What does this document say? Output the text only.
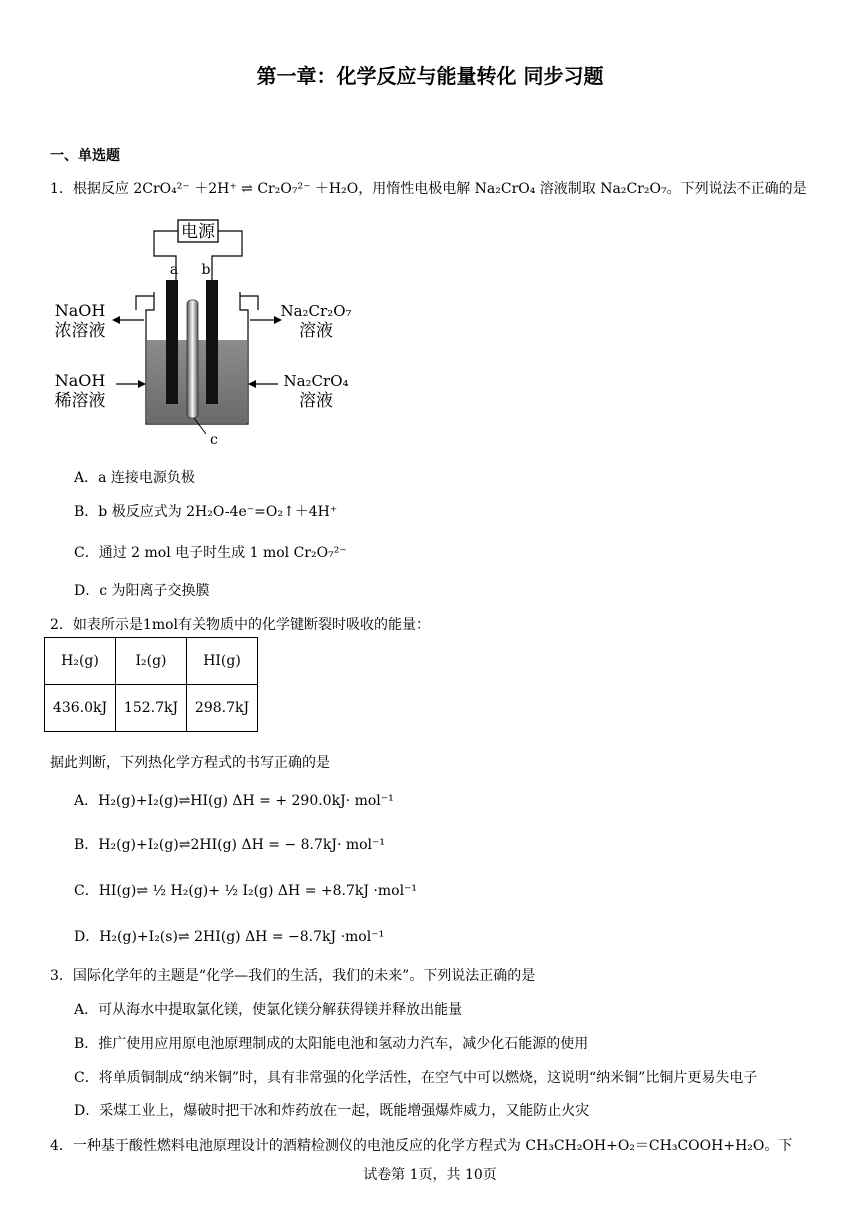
第一章：化学反应与能量转化 同步习题
一、单选题
1．根据反应 2CrO₄²⁻ ＋2H⁺ ⇌ Cr₂O₇²⁻ ＋H₂O，用惰性电极电解 Na₂CrO₄ 溶液制取 Na₂Cr₂O₇。下列说法不正确的是
电源
a b
c
NaOH
浓溶液
NaOH
稀溶液
Na₂Cr₂O₇
溶液
Na₂CrO₄
溶液
A．a 连接电源负极
B．b 极反应式为 2H₂O-4e⁻=O₂↑＋4H⁺
C．通过 2 mol 电子时生成 1 mol Cr₂O₇²⁻
D．c 为阳离子交换膜
2．如表所示是1mol有关物质中的化学键断裂时吸收的能量：
H₂(g)	I₂(g)	HI(g)
436.0kJ	152.7kJ	298.7kJ
据此判断，下列热化学方程式的书写正确的是
A．H₂(g)+I₂(g)⇌HI(g) ΔH = + 290.0kJ· mol⁻¹
B．H₂(g)+I₂(g)⇌2HI(g) ΔH = − 8.7kJ· mol⁻¹
C．HI(g)⇌ ½ H₂(g)+ ½ I₂(g) ΔH = +8.7kJ ·mol⁻¹
D．H₂(g)+I₂(s)⇌ 2HI(g) ΔH = −8.7kJ ·mol⁻¹
3．国际化学年的主题是“化学—我们的生活，我们的未来”。下列说法正确的是
A．可从海水中提取氯化镁，使氯化镁分解获得镁并释放出能量
B．推广使用应用原电池原理制成的太阳能电池和氢动力汽车，减少化石能源的使用
C．将单质铜制成“纳米铜”时，具有非常强的化学活性，在空气中可以燃烧，这说明“纳米铜”比铜片更易失电子
D．采煤工业上，爆破时把干冰和炸药放在一起，既能增强爆炸威力，又能防止火灾
4．一种基于酸性燃料电池原理设计的酒精检测仪的电池反应的化学方程式为 CH₃CH₂OH+O₂＝CH₃COOH+H₂O。下
试卷第 1页，共 10页
